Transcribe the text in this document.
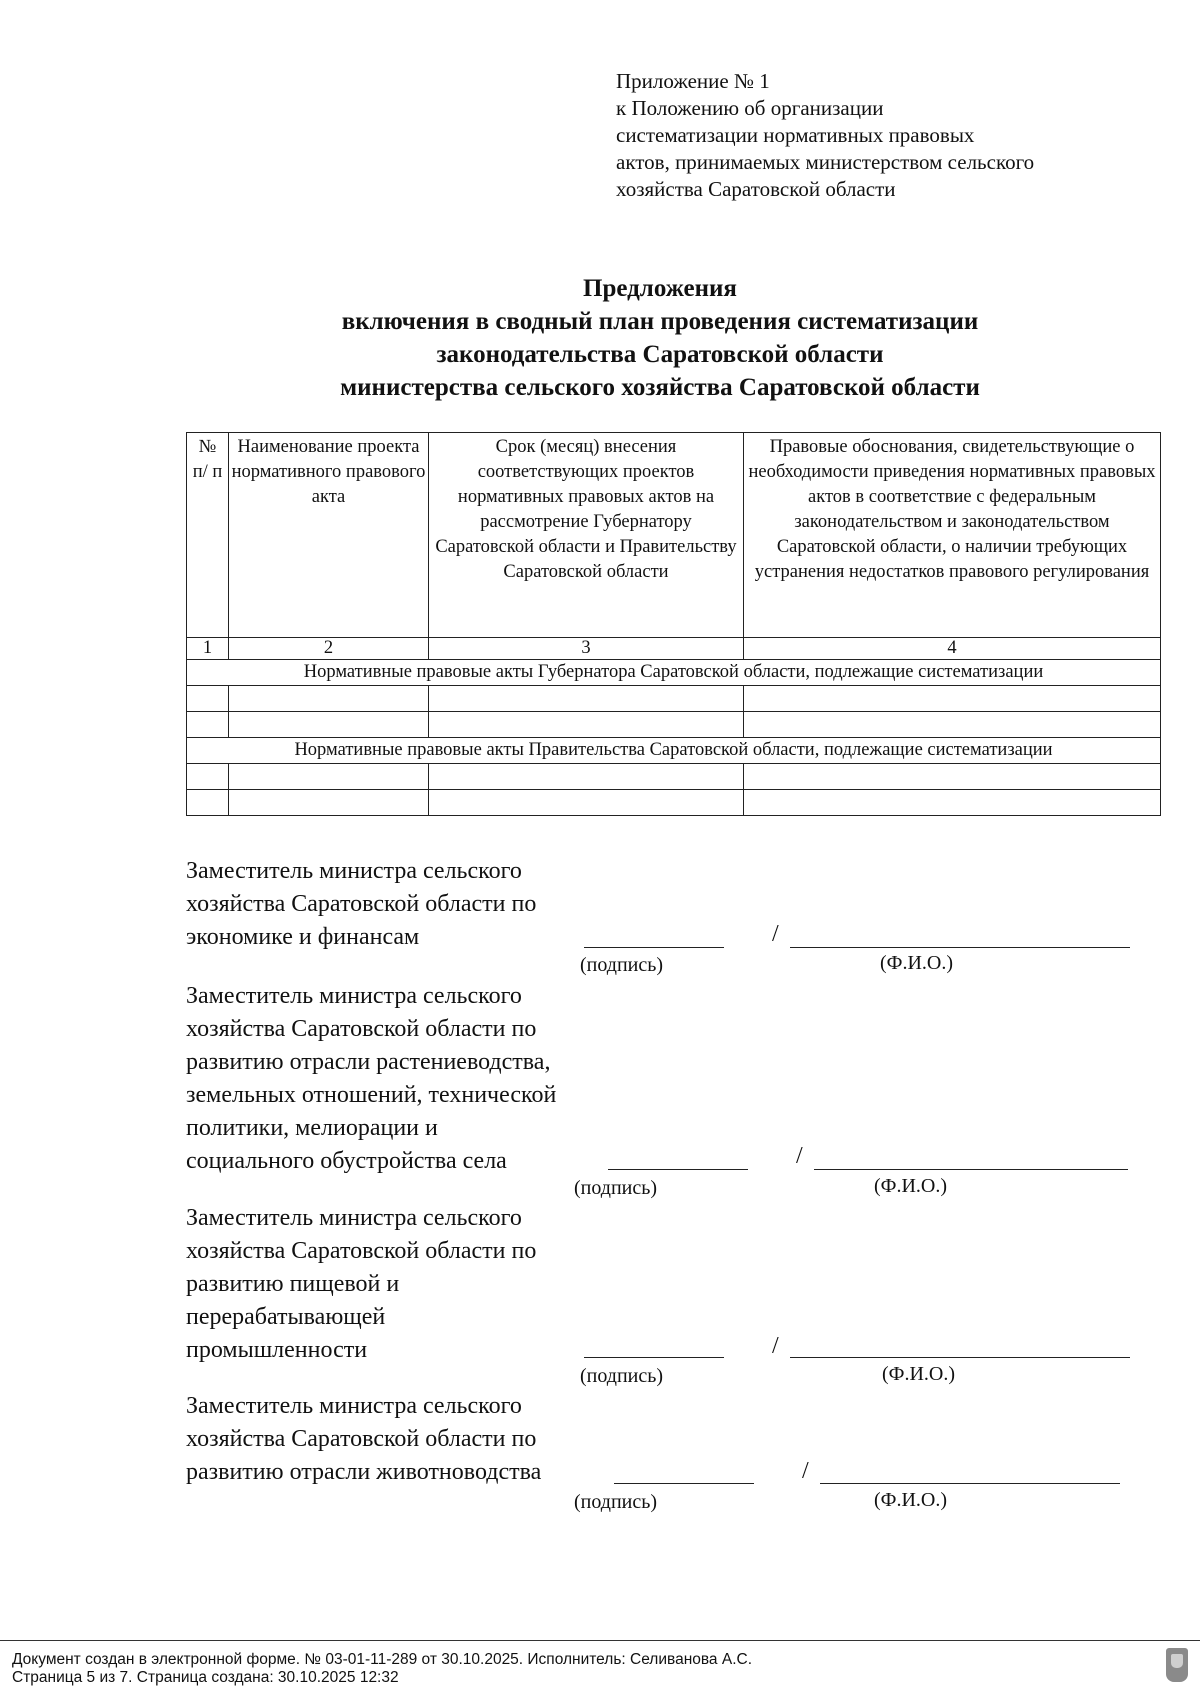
Приложение № 1
к Положению об организации
систематизации нормативных правовых
актов, принимаемых министерством сельского
хозяйства Саратовской области
Предложения
включения в сводный план проведения систематизации
законодательства Саратовской области
министерства сельского хозяйства Саратовской области
№ п/ п	Наименование проекта нормативного правового акта	Срок (месяц) внесения соответствующих проектов нормативных правовых актов на рассмотрение Губернатору Саратовской области и Правительству Саратовской области	Правовые обоснования, свидетельствующие о необходимости приведения нормативных правовых актов в соответствие с федеральным законодательством и законодательством Саратовской области, о наличии требующих устранения недостатков правового регулирования
1	2	3	4
Нормативные правовые акты Губернатора Саратовской области, подлежащие систематизации			

Нормативные правовые акты Правительства Саратовской области, подлежащие систематизации			

Заместитель министра сельского
хозяйства Саратовской области по
экономике и финансам	/
(подпись)	(Ф.И.О.)
Заместитель министра сельского
хозяйства Саратовской области по
развитию отрасли растениеводства,
земельных отношений, технической
политики, мелиорации и
социального обустройства села	/
(подпись)	(Ф.И.О.)
Заместитель министра сельского
хозяйства Саратовской области по
развитию пищевой и
перерабатывающей
промышленности	/
(подпись)	(Ф.И.О.)
Заместитель министра сельского
хозяйства Саратовской области по
развитию отрасли животноводства	/
(подпись)	(Ф.И.О.)
Документ создан в электронной форме. № 03-01-11-289 от 30.10.2025. Исполнитель: Селиванова А.С.
Страница 5 из 7. Страница создана: 30.10.2025 12:32
